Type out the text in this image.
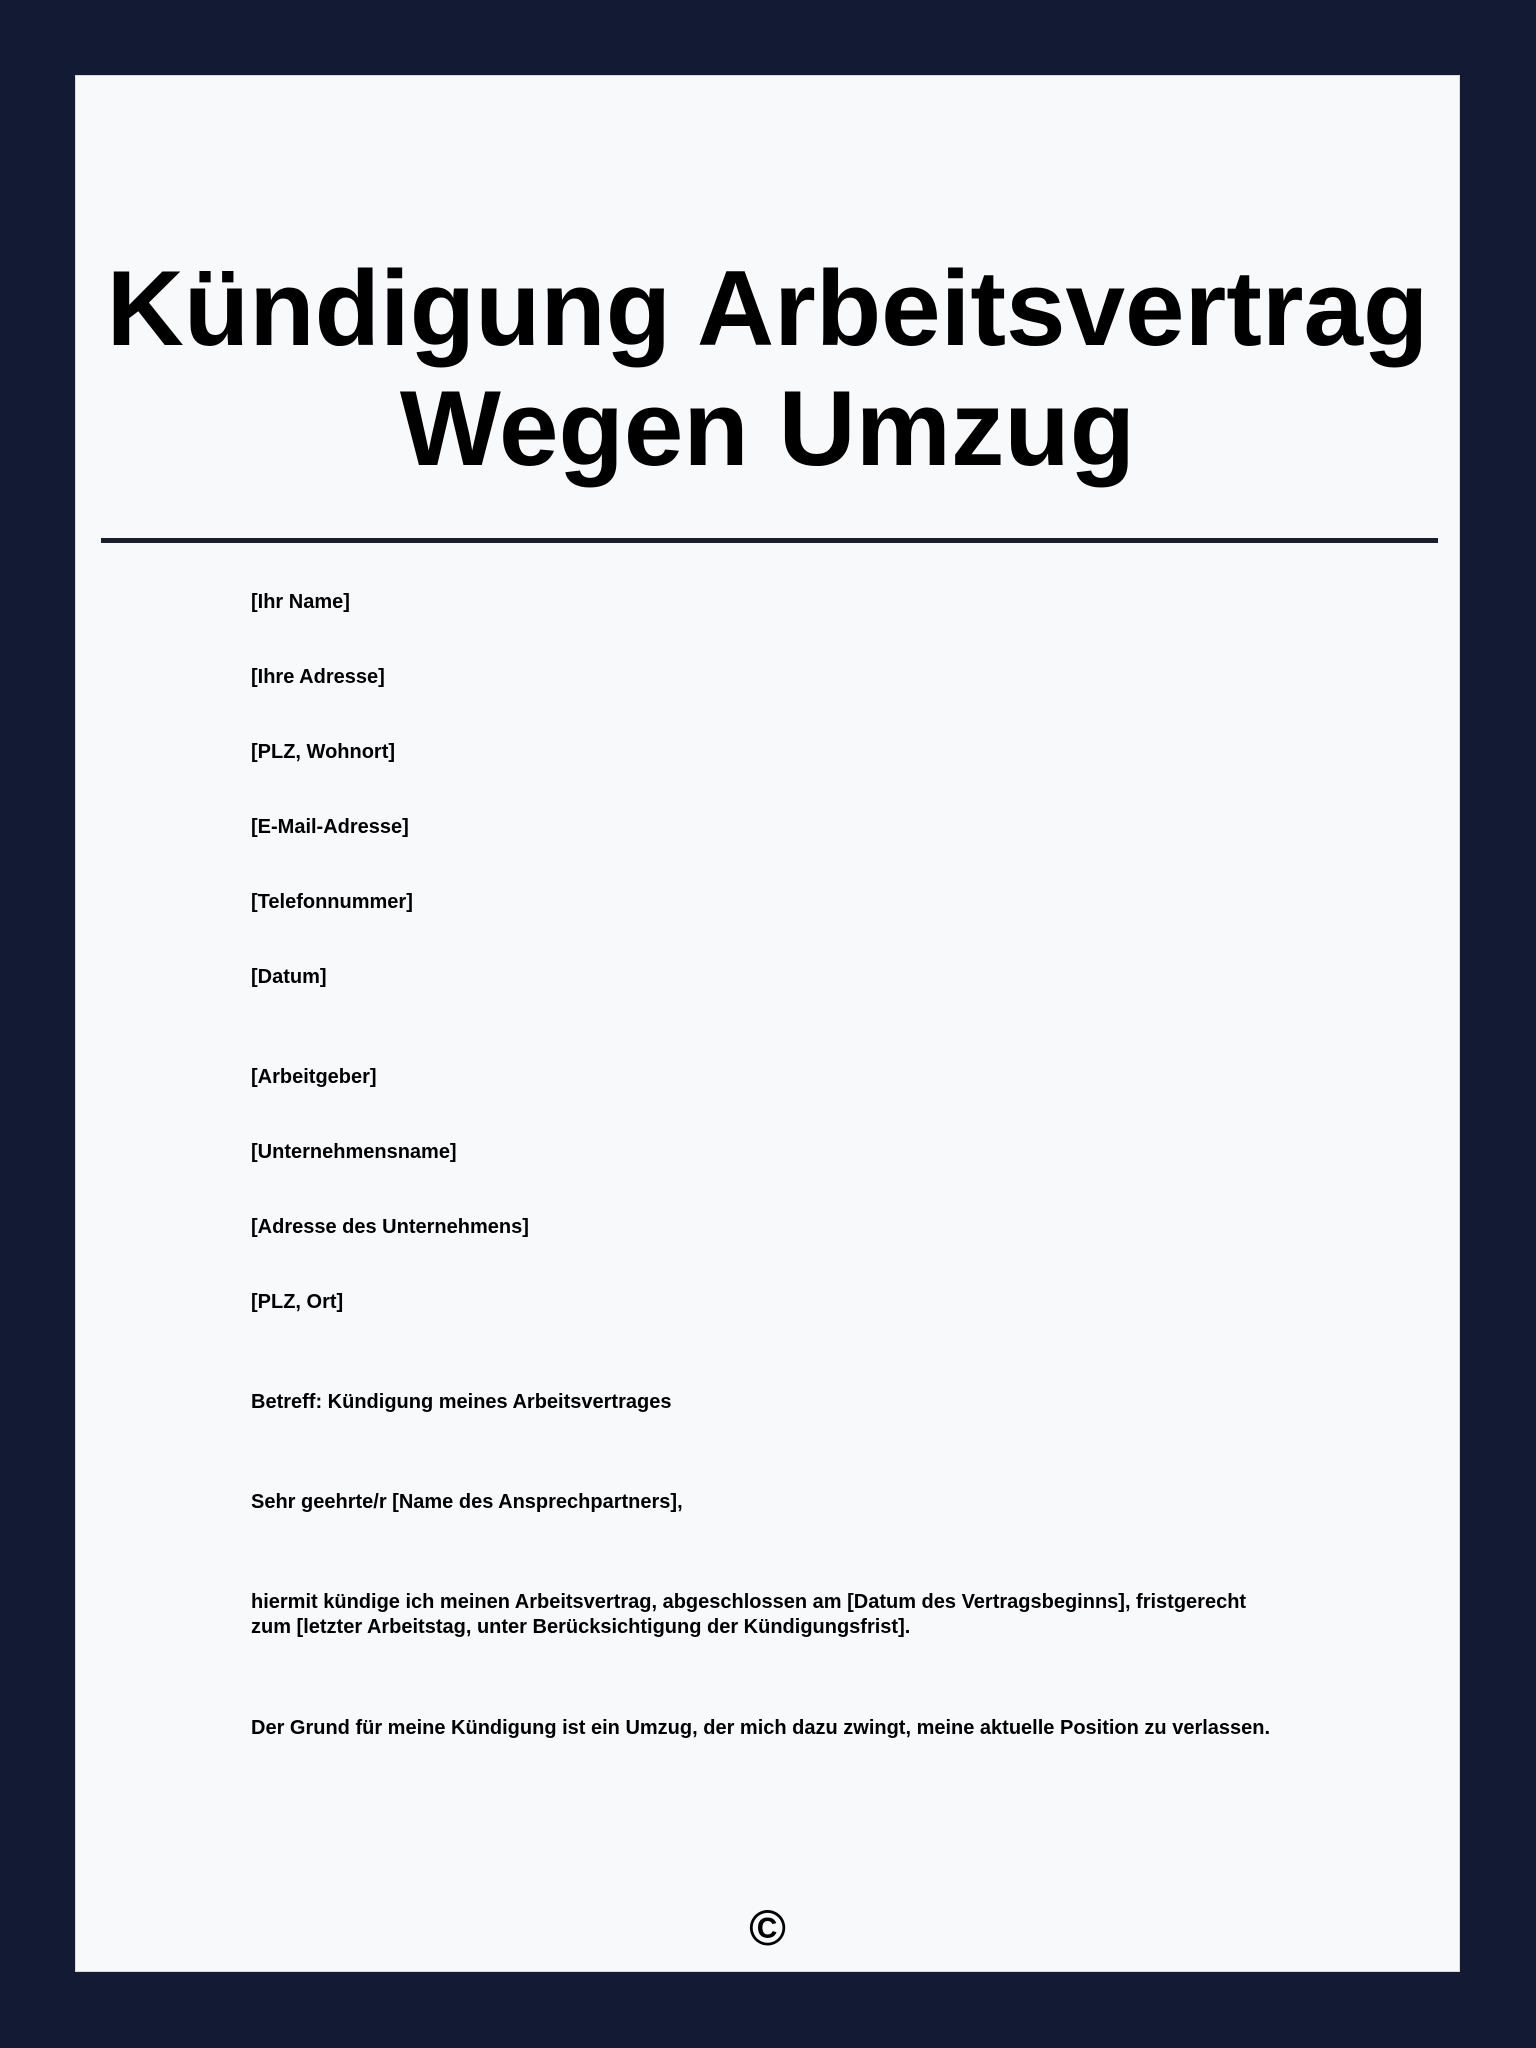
Kündigung Arbeitsvertrag
Wegen Umzug

[Ihr Name]

[Ihre Adresse]

[PLZ, Wohnort]

[E-Mail-Adresse]

[Telefonnummer]

[Datum]

[Arbeitgeber]

[Unternehmensname]

[Adresse des Unternehmens]

[PLZ, Ort]

Betreff: Kündigung meines Arbeitsvertrages

Sehr geehrte/r [Name des Ansprechpartners],

hiermit kündige ich meinen Arbeitsvertrag, abgeschlossen am [Datum des Vertragsbeginns], fristgerecht zum [letzter Arbeitstag, unter Berücksichtigung der Kündigungsfrist].

Der Grund für meine Kündigung ist ein Umzug, der mich dazu zwingt, meine aktuelle Position zu verlassen.

©
